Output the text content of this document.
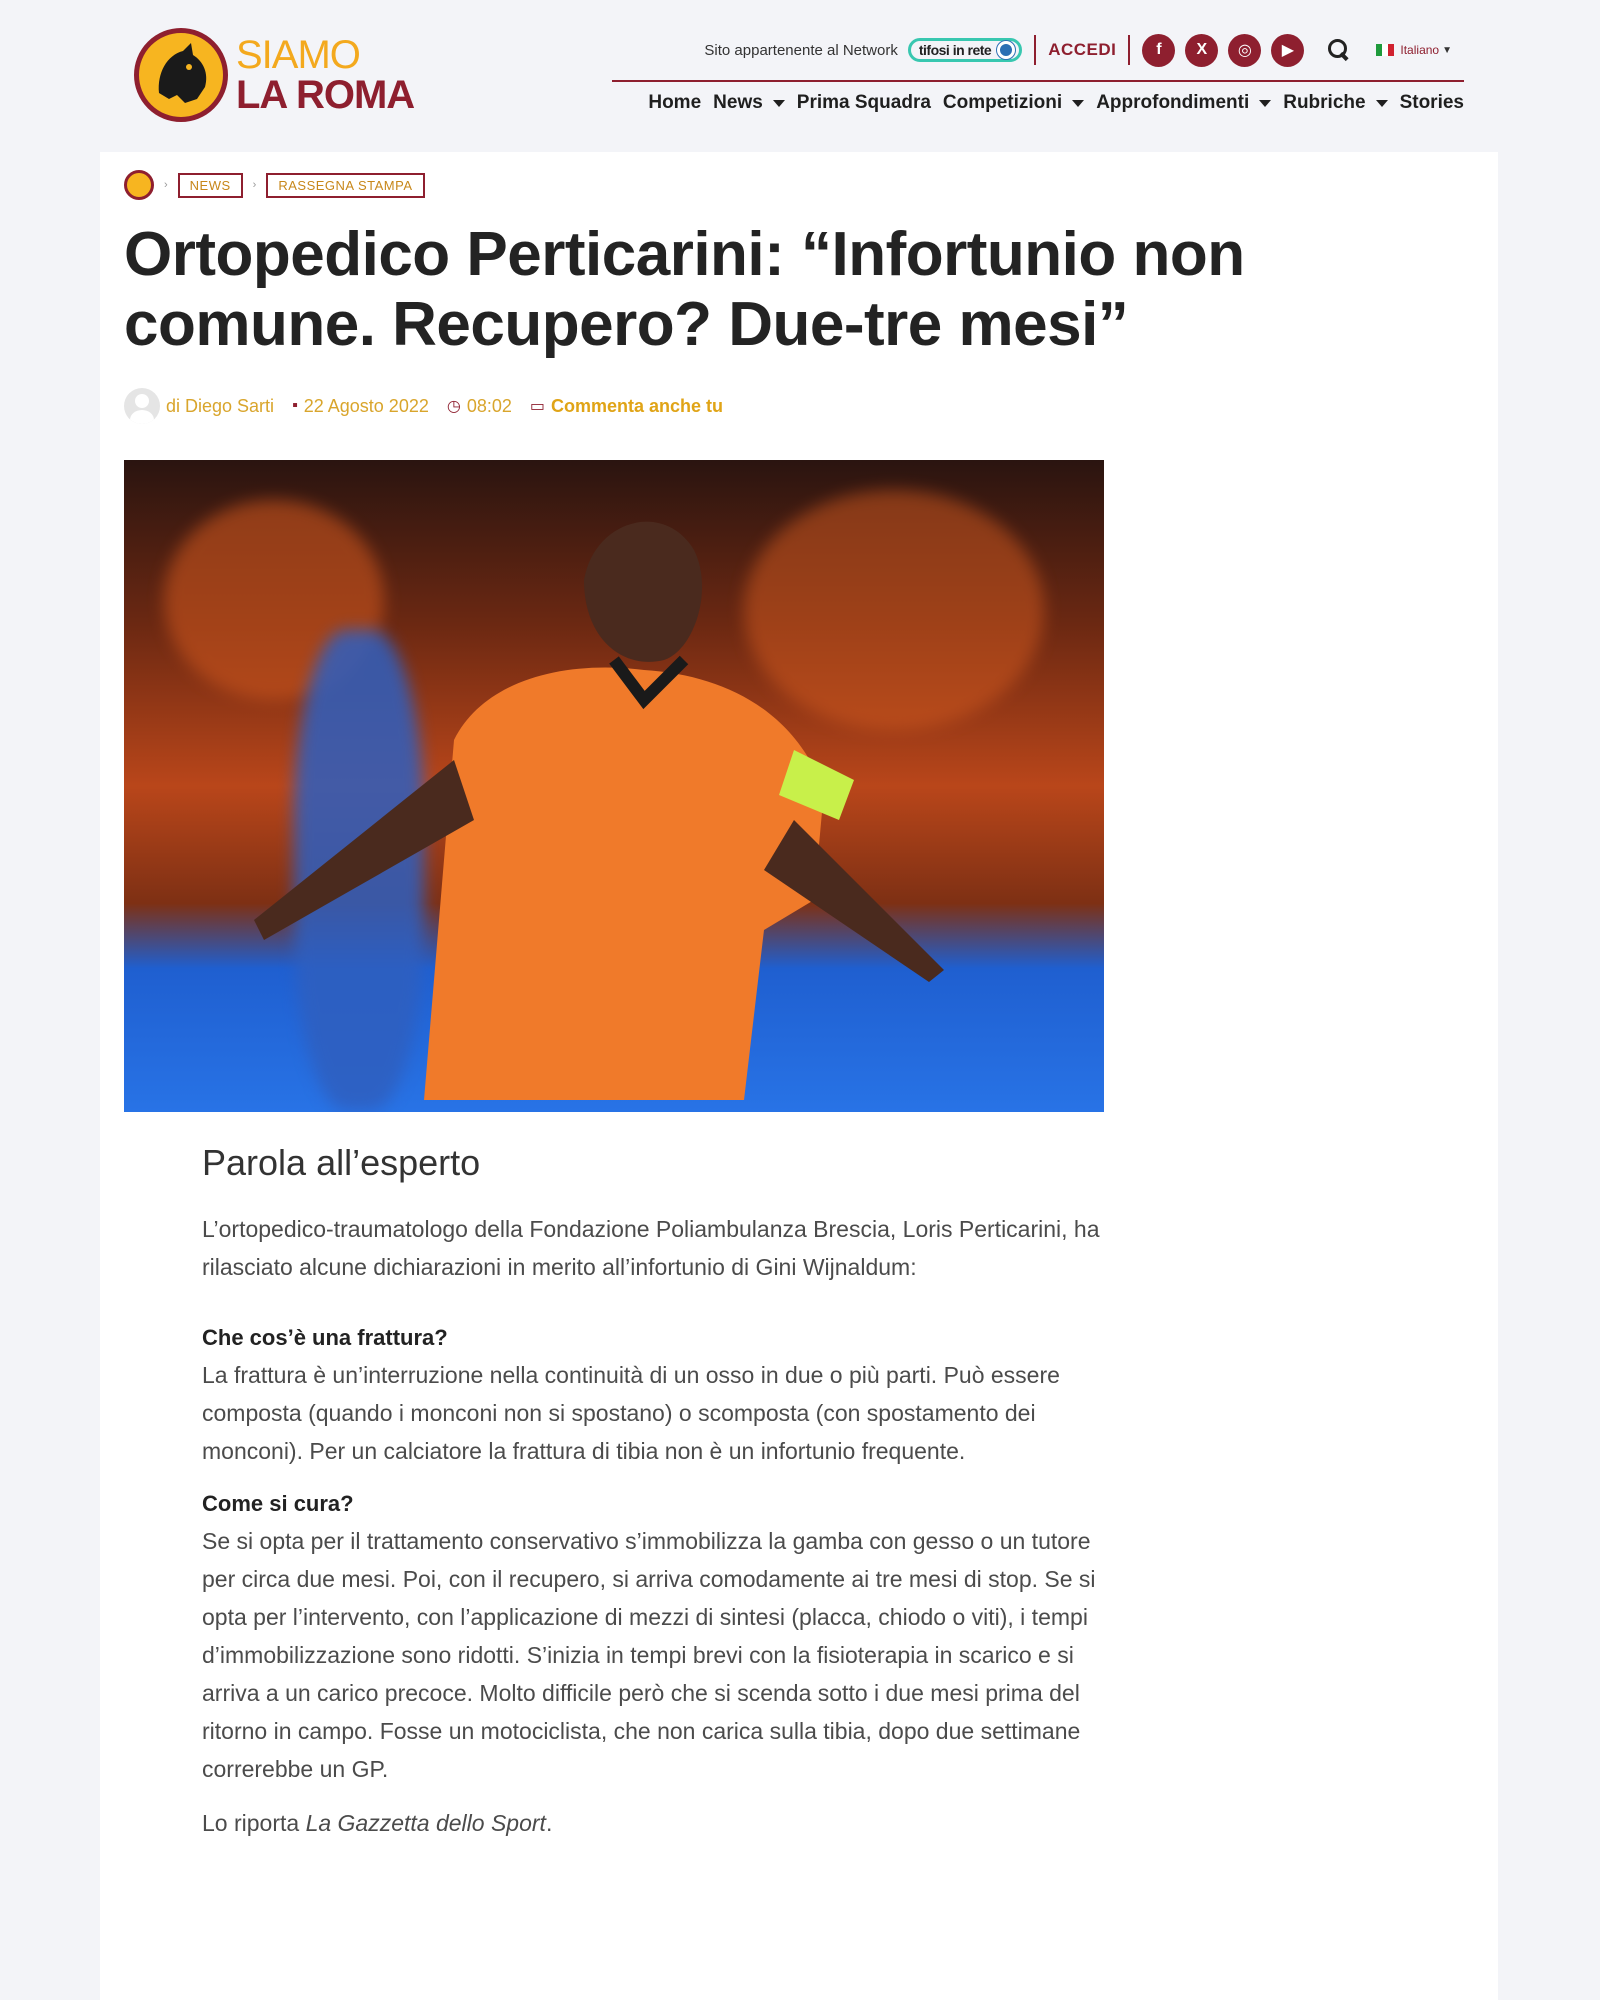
SIAMO
LA ROMA
Sito appartenente al Network tifosi in rete	ACCEDI	f	X	◎	▶	Italiano ▼
Home News Prima Squadra Competizioni Approfondimenti Rubriche Stories
›	NEWS	›	RASSEGNA STAMPA
Ortopedico Perticarini: “Infortunio non comune. Recupero? Due-tre mesi”
di Diego Sarti ▪ 22 Agosto 2022 ◷ 08:02 ▭ Commenta anche tu
Parola all’esperto

L’ortopedico-traumatologo della Fondazione Poliambulanza Brescia, Loris Perticarini, ha rilasciato alcune dichiarazioni in merito all’infortunio di Gini Wijnaldum:

Che cos’è una frattura?

La frattura è un’interruzione nella continuità di un osso in due o più parti. Può essere composta (quando i monconi non si spostano) o scomposta (con spostamento dei monconi). Per un calciatore la frattura di tibia non è un infortunio frequente.

Come si cura?

Se si opta per il trattamento conservativo s’immobilizza la gamba con gesso o un tutore per circa due mesi. Poi, con il recupero, si arriva comodamente ai tre mesi di stop. Se si opta per l’intervento, con l’applicazione di mezzi di sintesi (placca, chiodo o viti), i tempi d’immobilizzazione sono ridotti. S’inizia in tempi brevi con la fisioterapia in scarico e si arriva a un carico precoce. Molto difficile però che si scenda sotto i due mesi prima del ritorno in campo. Fosse un motociclista, che non carica sulla tibia, dopo due settimane correrebbe un GP.

Lo riporta La Gazzetta dello Sport.
